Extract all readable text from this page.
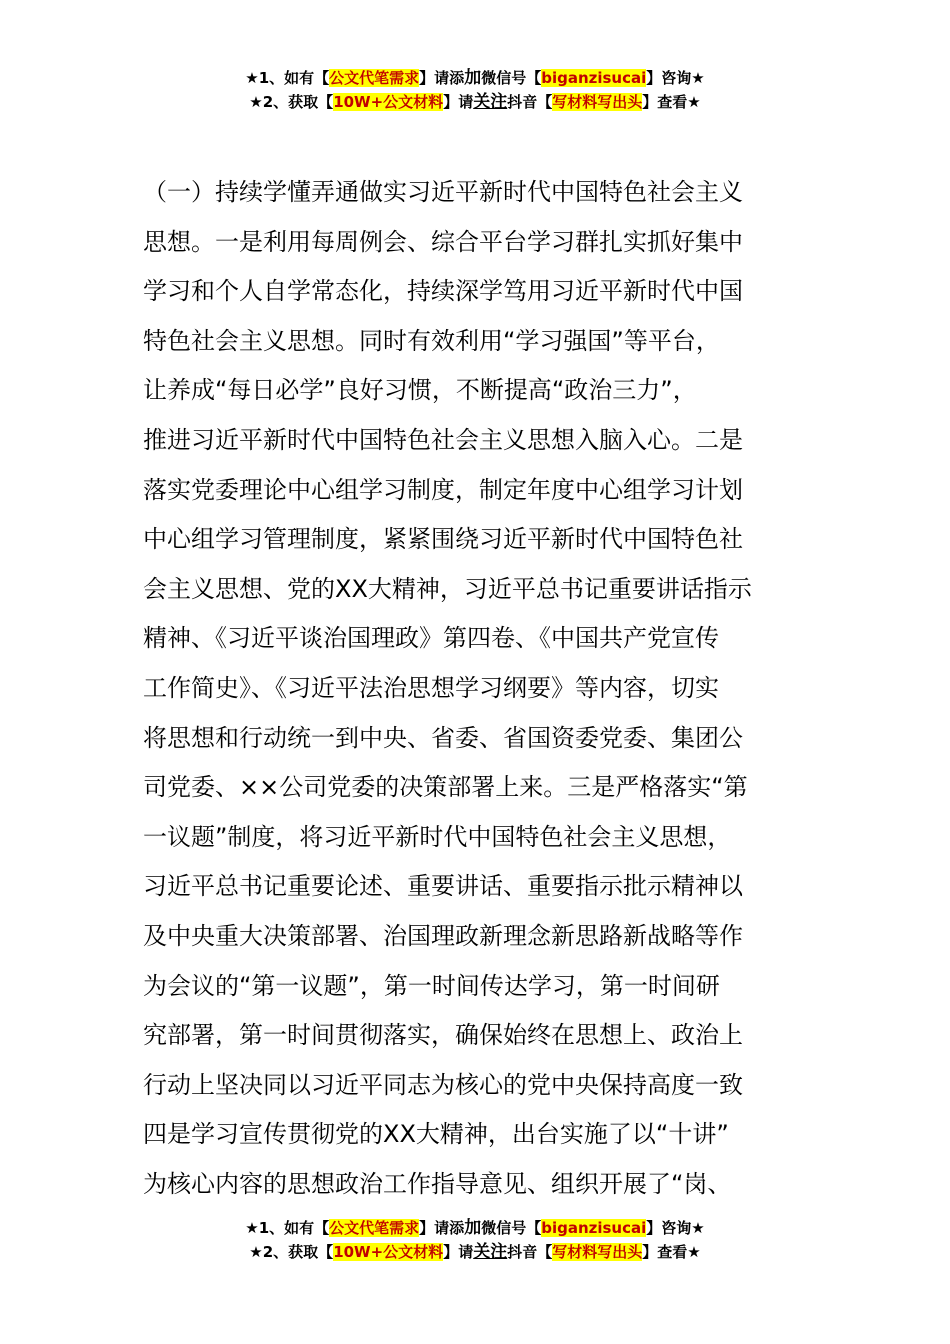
★1、如有【公文代笔需求】请添加微信号【biganzisucai】咨询★
★2、获取【10W+公文材料】请关注抖音【写材料写出头】查看★
（一）持续学懂弄通做实习近平新时代中国特色社会主义
思想。一是利用每周例会、综合平台学习群扎实抓好集中
学习和个人自学常态化，持续深学笃用习近平新时代中国
特色社会主义思想。同时有效利用“学习强国”等平台，
让养成“每日必学”良好习惯，不断提高“政治三力”，
推进习近平新时代中国特色社会主义思想入脑入心。二是
落实党委理论中心组学习制度，制定年度中心组学习计划
中心组学习管理制度，紧紧围绕习近平新时代中国特色社
会主义思想、党的XX大精神，习近平总书记重要讲话指示
精神、《习近平谈治国理政》第四卷、《中国共产党宣传
工作简史》、《习近平法治思想学习纲要》等内容，切实
将思想和行动统一到中央、省委、省国资委党委、集团公
司党委、××公司党委的决策部署上来。三是严格落实“第
一议题”制度，将习近平新时代中国特色社会主义思想，
习近平总书记重要论述、重要讲话、重要指示批示精神以
及中央重大决策部署、治国理政新理念新思路新战略等作
为会议的“第一议题”，第一时间传达学习，第一时间研
究部署，第一时间贯彻落实，确保始终在思想上、政治上
行动上坚决同以习近平同志为核心的党中央保持高度一致
四是学习宣传贯彻党的XX大精神，出台实施了以“十讲”
为核心内容的思想政治工作指导意见、组织开展了“岗、
★1、如有【公文代笔需求】请添加微信号【biganzisucai】咨询★
★2、获取【10W+公文材料】请关注抖音【写材料写出头】查看★
